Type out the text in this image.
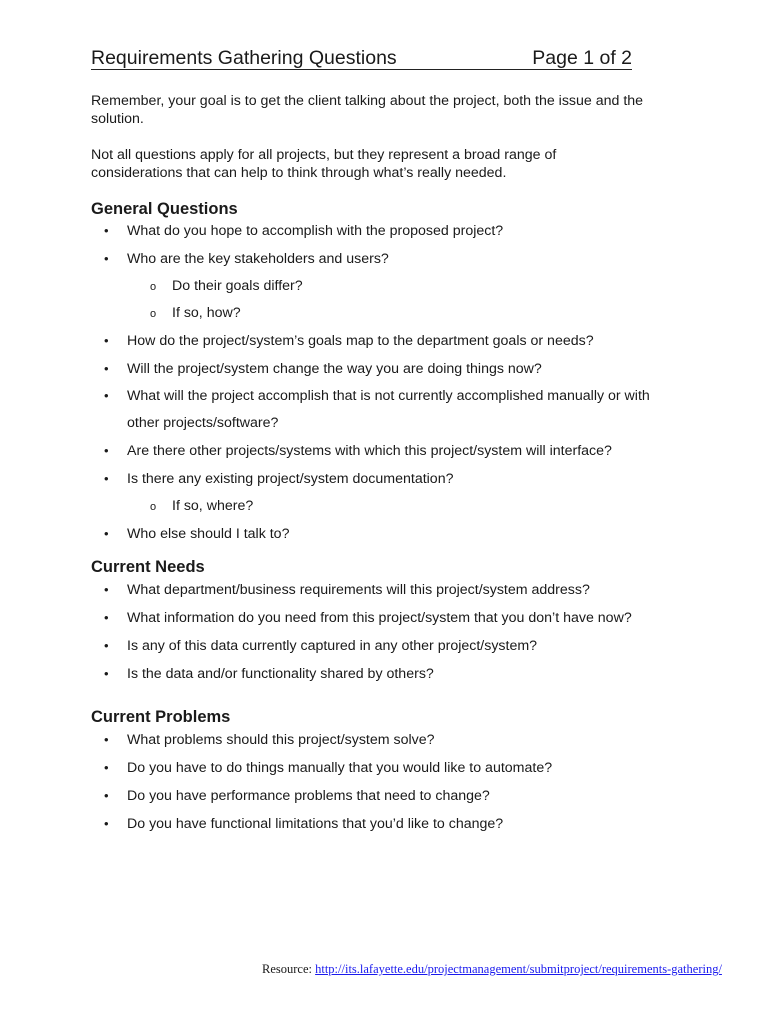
Requirements Gathering Questions	Page 1 of 2

Remember, your goal is to get the client talking about the project, both the issue and the solution.

Not all questions apply for all projects, but they represent a broad range of considerations that can help to think through what’s really needed.

General Questions
• What do you hope to accomplish with the proposed project?
• Who are the key stakeholders and users?
o Do their goals differ?
o If so, how?
• How do the project/system’s goals map to the department goals or needs?
• Will the project/system change the way you are doing things now?
• What will the project accomplish that is not currently accomplished manually or with other projects/software?
• Are there other projects/systems with which this project/system will interface?
• Is there any existing project/system documentation?
o If so, where?
• Who else should I talk to?
Current Needs
• What department/business requirements will this project/system address?
• What information do you need from this project/system that you don’t have now?
• Is any of this data currently captured in any other project/system?
• Is the data and/or functionality shared by others?
Current Problems
• What problems should this project/system solve?
• Do you have to do things manually that you would like to automate?
• Do you have performance problems that need to change?
• Do you have functional limitations that you’d like to change?
Resource: http://its.lafayette.edu/projectmanagement/submitproject/requirements-gathering/
